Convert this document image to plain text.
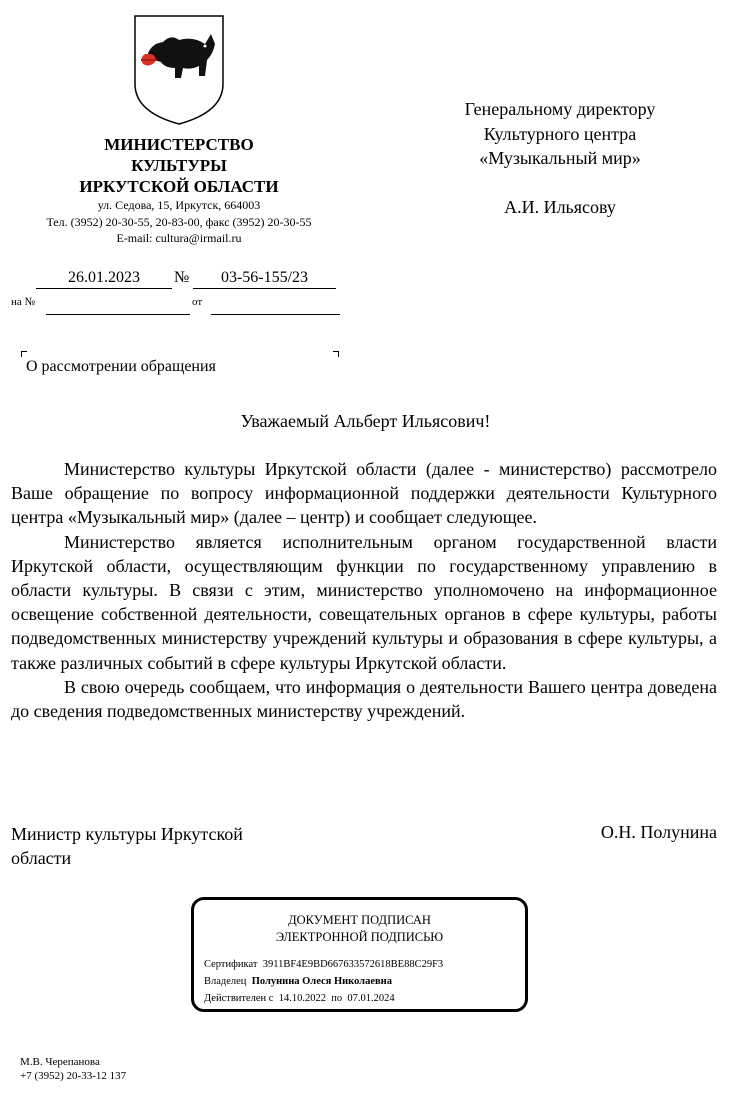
МИНИСТЕРСТВО
КУЛЬТУРЫ
ИРКУТСКОЙ ОБЛАСТИ
ул. Седова, 15, Иркутск, 664003
Тел. (3952) 20-30-55, 20-83-00, факс (3952) 20-30-55
E-mail: cultura@irmail.ru
26.01.2023	№	03-56-155/23
на №	от
Генеральному директору
Культурного центра
«Музыкальный мир»
А.И. Ильясову
О рассмотрении обращения
Уважаемый Альберт Ильясович!

Министерство культуры Иркутской области (далее - министерство) рассмотрело Ваше обращение по вопросу информационной поддержки деятельности Культурного центра «Музыкальный мир» (далее – центр) и сообщает следующее.

Министерство является исполнительным органом государственной власти Иркутской области, осуществляющим функции по государственному управлению в области культуры. В связи с этим, министерство уполномочено на информационное освещение собственной деятельности, совещательных органов в сфере культуры, работы подведомственных министерству учреждений культуры и образования в сфере культуры, а также различных событий в сфере культуры Иркутской области.

В свою очередь сообщаем, что информация о деятельности Вашего центра доведена до сведения подведомственных министерству учреждений.

Министр культуры Иркутской
области
О.Н. Полунина
ДОКУМЕНТ ПОДПИСАН
ЭЛЕКТРОННОЙ ПОДПИСЬЮ
Сертификат 3911BF4E9BD667633572618BE88C29F3
Владелец Полунина Олеся Николаевна
Действителен с 14.10.2022 по 07.01.2024
М.В. Черепанова
+7 (3952) 20-33-12 137
